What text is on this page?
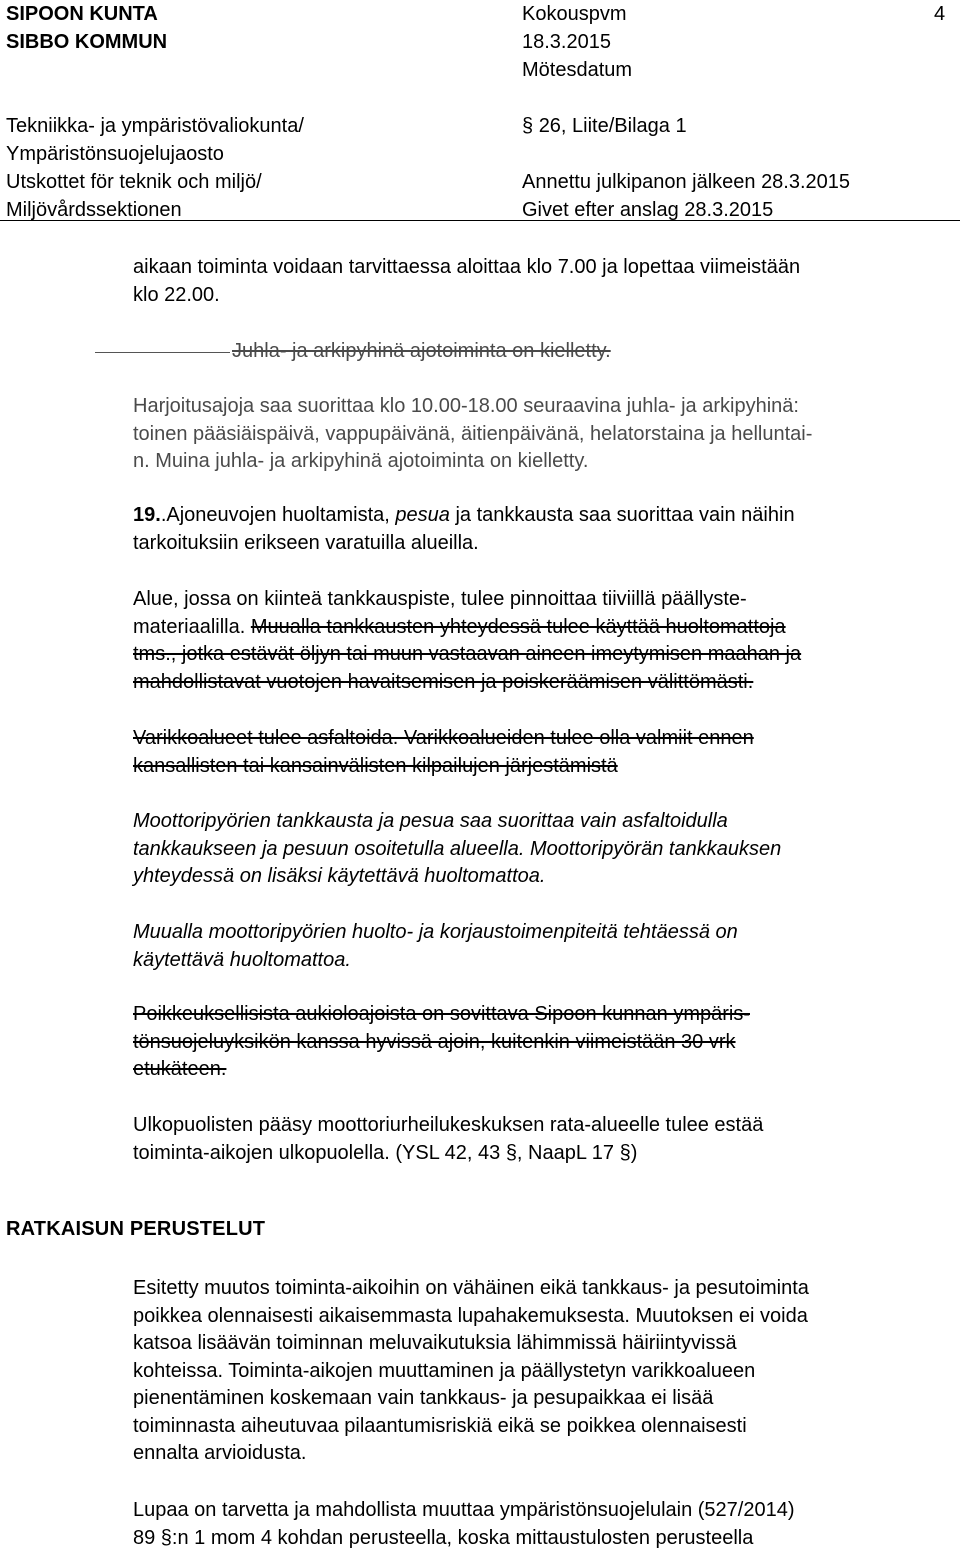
SIPOON KUNTA
SIBBO KOMMUN
Kokouspvm
18.3.2015
Mötesdatum
4
Tekniikka- ja ympäristövaliokunta/
Ympäristönsuojelujaosto
Utskottet för teknik och miljö/
Miljövårdssektionen
§ 26, Liite/Bilaga 1
Annettu julkipanon jälkeen 28.3.2015
Givet efter anslag 28.3.2015
aikaan toiminta voidaan tarvittaessa aloittaa klo 7.00 ja lopettaa viimeistään
klo 22.00.
Juhla- ja arkipyhinä ajotoiminta on kielletty.
–
Harjoitusajoja saa suorittaa klo 10.00-18.00 seuraavina juhla- ja arkipyhinä:
toinen pääsiäispäivä, vappupäivänä, äitienpäivänä, helatorstaina ja helluntai-
n. Muina juhla- ja arkipyhinä ajotoiminta on kielletty.
19..Ajoneuvojen huoltamista, pesua ja tankkausta saa suorittaa vain näihin
tarkoituksiin erikseen varatuilla alueilla.
Alue, jossa on kiinteä tankkauspiste, tulee pinnoittaa tiiviillä päällyste-
materiaalilla. Muualla tankkausten yhteydessä tulee käyttää huoltomattoja
tms., jotka estävät öljyn tai muun vastaavan aineen imeytymisen maahan ja
mahdollistavat vuotojen havaitsemisen ja poiskeräämisen välittömästi.
Varikkoalueet tulee asfaltoida. Varikkoalueiden tulee olla valmiit ennen
kansallisten tai kansainvälisten kilpailujen järjestämistä
Moottoripyörien tankkausta ja pesua saa suorittaa vain asfaltoidulla
tankkaukseen ja pesuun osoitetulla alueella. Moottoripyörän tankkauksen
yhteydessä on lisäksi käytettävä huoltomattoa.
Muualla moottoripyörien huolto- ja korjaustoimenpiteitä tehtäessä on
käytettävä huoltomattoa.
Poikkeuksellisista aukioloajoista on sovittava Sipoon kunnan ympäris-
tönsuojeluyksikön kanssa hyvissä ajoin, kuitenkin viimeistään 30 vrk
etukäteen.
Ulkopuolisten pääsy moottoriurheilukeskuksen rata-alueelle tulee estää
toiminta-aikojen ulkopuolella. (YSL 42, 43 §, NaapL 17 §)
RATKAISUN PERUSTELUT
Esitetty muutos toiminta-aikoihin on vähäinen eikä tankkaus- ja pesutoiminta
poikkea olennaisesti aikaisemmasta lupahakemuksesta. Muutoksen ei voida
katsoa lisäävän toiminnan meluvaikutuksia lähimmissä häiriintyvissä
kohteissa. Toiminta-aikojen muuttaminen ja päällystetyn varikkoalueen
pienentäminen koskemaan vain tankkaus- ja pesupaikkaa ei lisää
toiminnasta aiheutuvaa pilaantumisriskiä eikä se poikkea olennaisesti
ennalta arvioidusta.
Lupaa on tarvetta ja mahdollista muuttaa ympäristönsuojelulain (527/2014)
89 §:n 1 mom 4 kohdan perusteella, koska mittaustulosten perusteella
